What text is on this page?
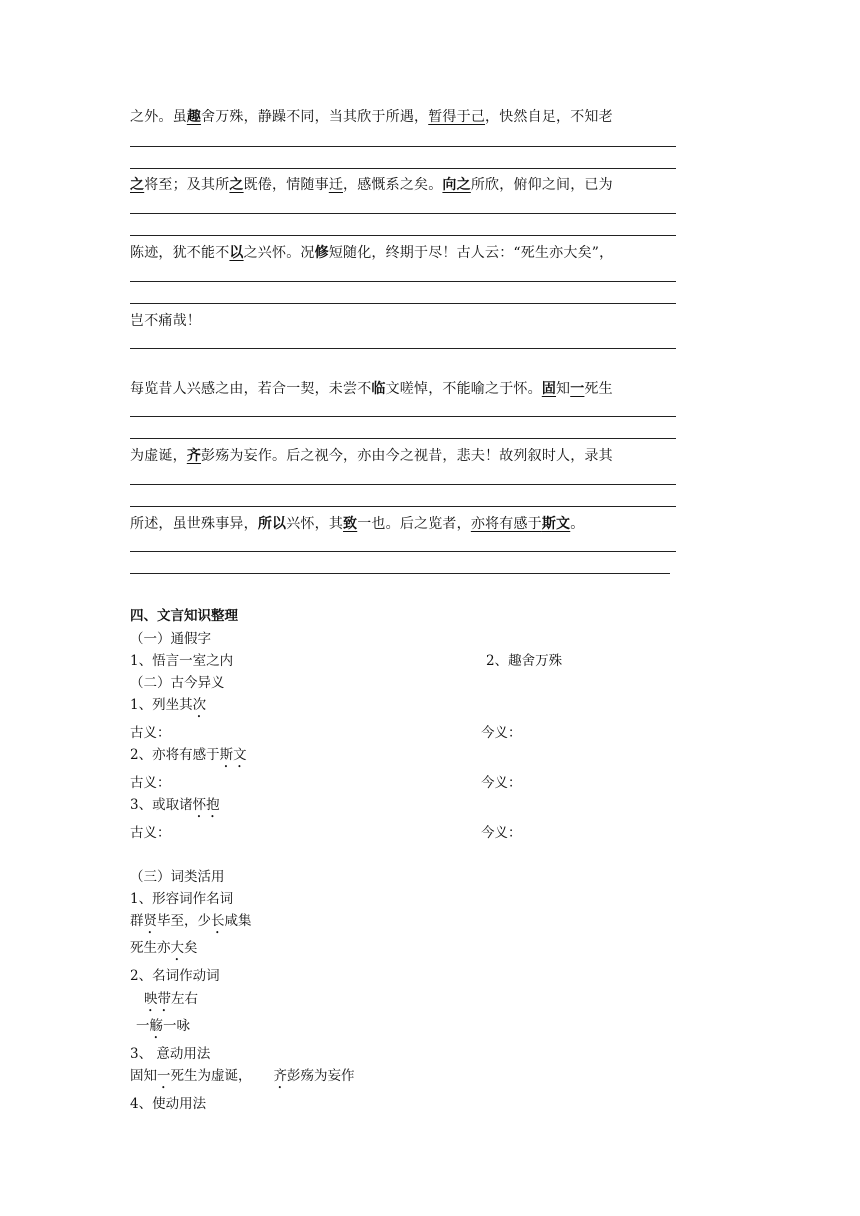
之外。虽趣舍万殊，静躁不同，当其欣于所遇，暂得于己，快然自足，不知老
之将至；及其所之既倦，情随事迁，感慨系之矣。向之所欣，俯仰之间，已为
陈迹，犹不能不以之兴怀。况修短随化，终期于尽！古人云：“死生亦大矣”，
岂不痛哉！
每览昔人兴感之由，若合一契，未尝不临文嗟悼，不能喻之于怀。固知一死生
为虚诞，齐彭殇为妄作。后之视今，亦由今之视昔，悲夫！故列叙时人，录其
所述，虽世殊事异，所以兴怀，其致一也。后之览者，亦将有感于斯文。
四、文言知识整理
（一）通假字
1、悟言一室之内	2、趣舍万殊
（二）古今异义
1、列坐其次
古义：	今义：
2、亦将有感于斯文
古义：	今义：
3、或取诸怀抱
古义：	今义：
（三）词类活用
1、形容词作名词
群贤毕至，少长咸集
死生亦大矣
2、名词作动词
映带左右
一觞一咏
3、 意动用法
固知一死生为虚诞， 齐彭殇为妄作
4、使动用法
